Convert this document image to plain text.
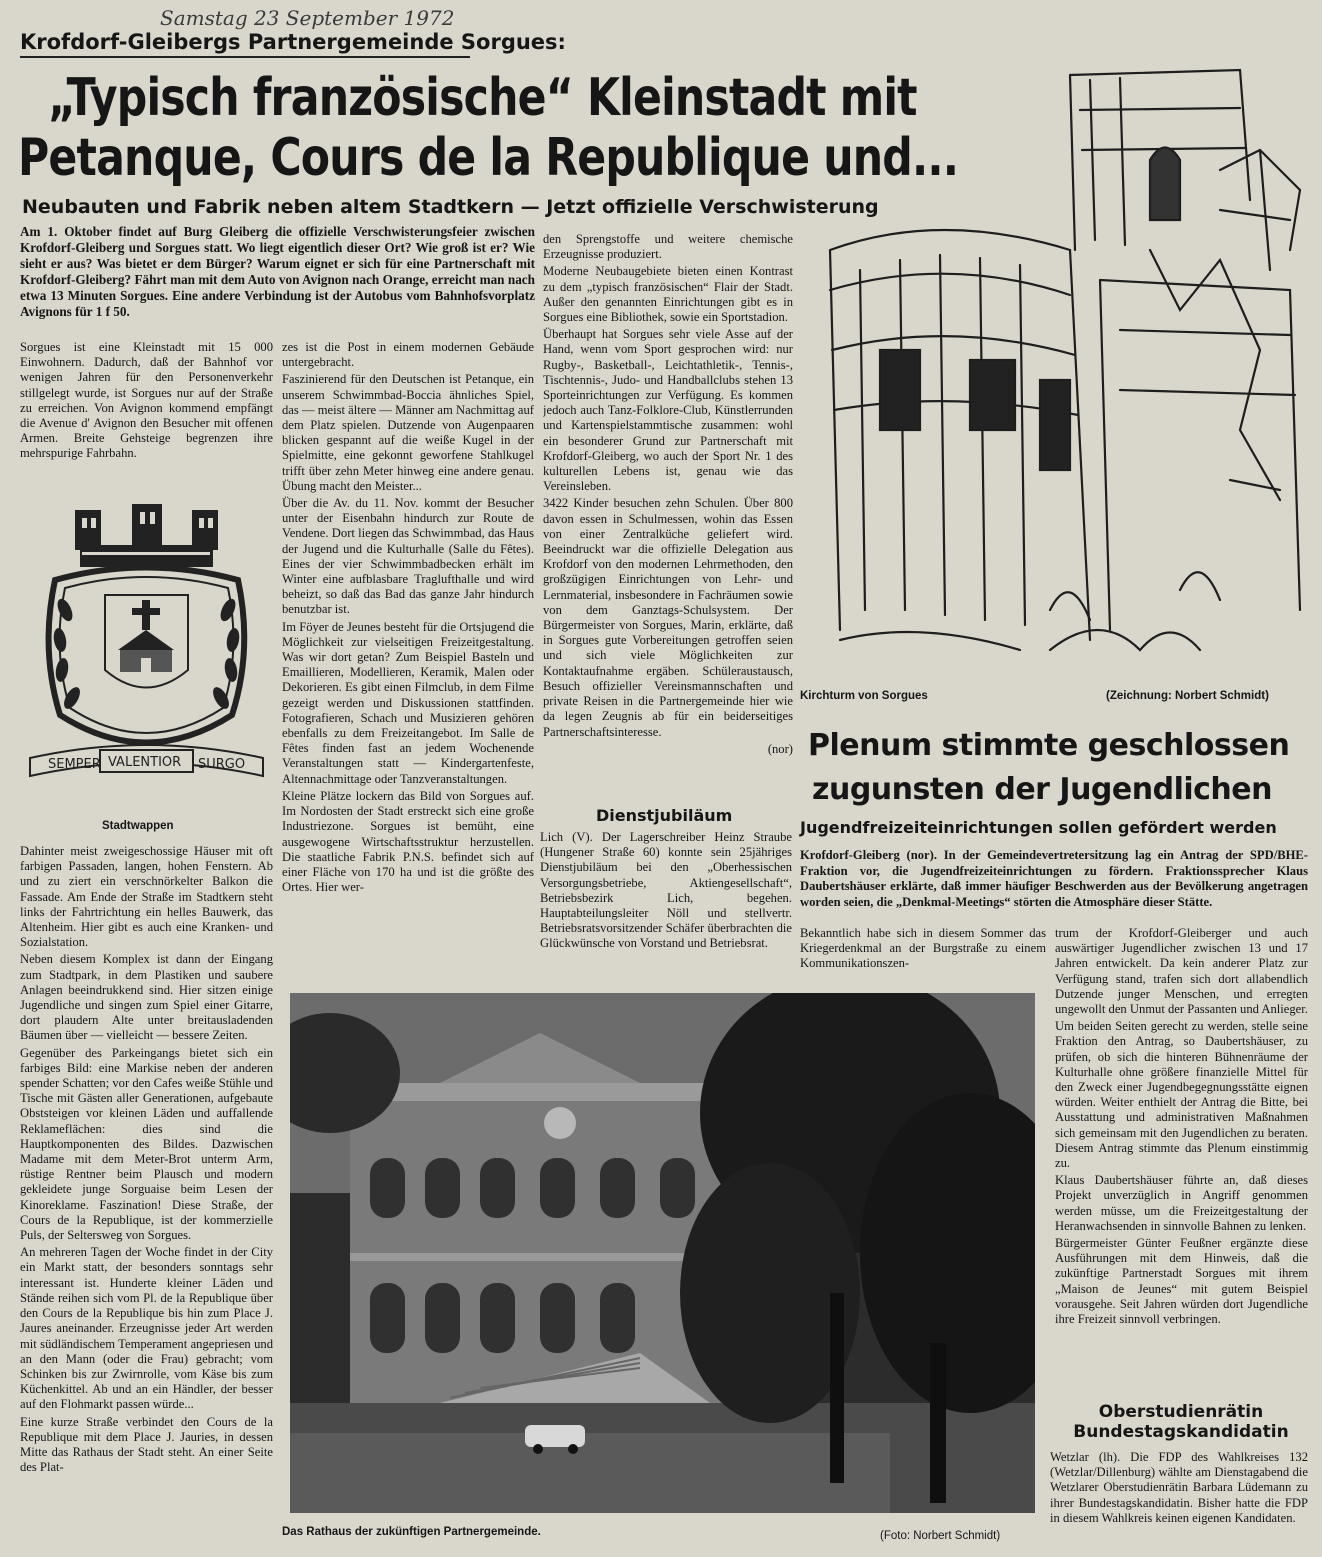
Samstag 23 September 1972
Krofdorf-Gleibergs Partnergemeinde Sorgues:
„Typisch französische“ Kleinstadt mit
Petanque, Cours de la Republique und...
Neubauten und Fabrik neben altem Stadtkern — Jetzt offizielle Verschwisterung
Am 1. Oktober findet auf Burg Gleiberg die offizielle Verschwisterungsfeier zwischen Krofdorf-Gleiberg und Sorgues statt. Wo liegt eigentlich dieser Ort? Wie groß ist er? Wie sieht er aus? Was bietet er dem Bürger? Warum eignet er sich für eine Partnerschaft mit Krofdorf-Gleiberg? Fährt man mit dem Auto von Avignon nach Orange, erreicht man nach etwa 13 Minuten Sorgues. Eine andere Verbindung ist der Autobus vom Bahnhofsvorplatz Avignons für 1 f 50.

Sorgues ist eine Kleinstadt mit 15 000 Einwohnern. Dadurch, daß der Bahnhof vor wenigen Jahren für den Personenverkehr stillgelegt wurde, ist Sorgues nur auf der Straße zu erreichen. Von Avignon kommend empfängt die Avenue d' Avignon den Besucher mit offenen Armen. Breite Gehsteige begrenzen ihre mehrspurige Fahrbahn.

SEMPER VALENTIOR SURGO
Stadtwappen

Dahinter meist zweigeschossige Häuser mit oft farbigen Passaden, langen, hohen Fenstern. Ab und zu ziert ein verschnörkelter Balkon die Fassade. Am Ende der Straße im Stadtkern steht links der Fahrtrichtung ein helles Bauwerk, das Altenheim. Hier gibt es auch eine Kranken- und Sozialstation.

Neben diesem Komplex ist dann der Eingang zum Stadtpark, in dem Plastiken und saubere Anlagen beeindrukkend sind. Hier sitzen einige Jugendliche und singen zum Spiel einer Gitarre, dort plaudern Alte unter breitausladenden Bäumen über — vielleicht — bessere Zeiten.

Gegenüber des Parkeingangs bietet sich ein farbiges Bild: eine Markise neben der anderen spender Schatten; vor den Cafes weiße Stühle und Tische mit Gästen aller Generationen, aufgebaute Obststeigen vor kleinen Läden und auffallende Reklameflächen: dies sind die Hauptkomponenten des Bildes. Dazwischen Madame mit dem Meter-Brot unterm Arm, rüstige Rentner beim Plausch und modern gekleidete junge Sorguaise beim Lesen der Kinoreklame. Faszination! Diese Straße, der Cours de la Republique, ist der kommerzielle Puls, der Seltersweg von Sorgues.

An mehreren Tagen der Woche findet in der City ein Markt statt, der besonders sonntags sehr interessant ist. Hunderte kleiner Läden und Stände reihen sich vom Pl. de la Republique über den Cours de la Republique bis hin zum Place J. Jaures aneinander. Erzeugnisse jeder Art werden mit südländischem Temperament angepriesen und an den Mann (oder die Frau) gebracht; vom Schinken bis zur Zwirnrolle, vom Käse bis zum Küchenkittel. Ab und an ein Händler, der besser auf den Flohmarkt passen würde...

Eine kurze Straße verbindet den Cours de la Republique mit dem Place J. Jauries, in dessen Mitte das Rathaus der Stadt steht. An einer Seite des Plat-

zes ist die Post in einem modernen Gebäude untergebracht.

Faszinierend für den Deutschen ist Petanque, ein unserem Schwimmbad-Boccia ähnliches Spiel, das — meist ältere — Männer am Nachmittag auf dem Platz spielen. Dutzende von Augenpaaren blicken gespannt auf die weiße Kugel in der Spielmitte, eine gekonnt geworfene Stahlkugel trifft über zehn Meter hinweg eine andere genau. Übung macht den Meister...

Über die Av. du 11. Nov. kommt der Besucher unter der Eisenbahn hindurch zur Route de Vendene. Dort liegen das Schwimmbad, das Haus der Jugend und die Kulturhalle (Salle du Fêtes). Eines der vier Schwimmbadbecken erhält im Winter eine aufblasbare Traglufthalle und wird beheizt, so daß das Bad das ganze Jahr hindurch benutzbar ist.

Im Föyer de Jeunes besteht für die Ortsjugend die Möglichkeit zur vielseitigen Freizeitgestaltung. Was wir dort getan? Zum Beispiel Basteln und Emaillieren, Modellieren, Keramik, Malen oder Dekorieren. Es gibt einen Filmclub, in dem Filme gezeigt werden und Diskussionen stattfinden. Fotografieren, Schach und Musizieren gehören ebenfalls zu dem Freizeitangebot. Im Salle de Fêtes finden fast an jedem Wochenende Veranstaltungen statt — Kindergartenfeste, Altennachmittage oder Tanzveranstaltungen.

Kleine Plätze lockern das Bild von Sorgues auf. Im Nordosten der Stadt erstreckt sich eine große Industriezone. Sorgues ist bemüht, eine ausgewogene Wirtschaftsstruktur herzustellen. Die staatliche Fabrik P.N.S. befindet sich auf einer Fläche von 170 ha und ist die größte des Ortes. Hier wer-

den Sprengstoffe und weitere chemische Erzeugnisse produziert.

Moderne Neubaugebiete bieten einen Kontrast zu dem „typisch französischen“ Flair der Stadt. Außer den genannten Einrichtungen gibt es in Sorgues eine Bibliothek, sowie ein Sportstadion.

Überhaupt hat Sorgues sehr viele Asse auf der Hand, wenn vom Sport gesprochen wird: nur Rugby-, Basketball-, Leichtathletik-, Tennis-, Tischtennis-, Judo- und Handballclubs stehen 13 Sporteinrichtungen zur Verfügung. Es kommen jedoch auch Tanz-Folklore-Club, Künstlerrunden und Kartenspielstammtische zusammen: wohl ein besonderer Grund zur Partnerschaft mit Krofdorf-Gleiberg, wo auch der Sport Nr. 1 des kulturellen Lebens ist, genau wie das Vereinsleben.

3422 Kinder besuchen zehn Schulen. Über 800 davon essen in Schulmessen, wohin das Essen von einer Zentralküche geliefert wird. Beeindruckt war die offizielle Delegation aus Krofdorf von den modernen Lehrmethoden, den großzügigen Einrichtungen von Lehr- und Lernmaterial, insbesondere in Fachräumen sowie von dem Ganztags-Schulsystem. Der Bürgermeister von Sorgues, Marin, erklärte, daß in Sorgues gute Vorbereitungen getroffen seien und sich viele Möglichkeiten zur Kontaktaufnahme ergäben. Schüleraustausch, Besuch offizieller Vereinsmannschaften und private Reisen in die Partnergemeinde hier wie da legen Zeugnis ab für ein beiderseitiges Partnerschaftsinteresse.

(nor)

Dienstjubiläum

Lich (V). Der Lagerschreiber Heinz Straube (Hungener Straße 60) konnte sein 25jähriges Dienstjubiläum bei den „Oberhessischen Versorgungsbetriebe, Aktiengesellschaft“, Betriebsbezirk Lich, begehen. Hauptabteilungsleiter Nöll und stellvertr. Betriebsratsvorsitzender Schäfer überbrachten die Glückwünsche von Vorstand und Betriebsrat.

Kirchturm von Sorgues	(Zeichnung: Norbert Schmidt)
Plenum stimmte geschlossen
zugunsten der Jugendlichen
Jugendfreizeiteinrichtungen sollen gefördert werden
Krofdorf-Gleiberg (nor). In der Gemeindevertretersitzung lag ein Antrag der SPD/BHE-Fraktion vor, die Jugendfreizeiteinrichtungen zu fördern. Fraktionssprecher Klaus Daubertshäuser erklärte, daß immer häufiger Beschwerden aus der Bevölkerung angetragen worden seien, die „Denkmal-Meetings“ störten die Atmosphäre dieser Stätte.

Bekanntlich habe sich in diesem Sommer das Kriegerdenkmal an der Burgstraße zu einem Kommunikationszen-

trum der Krofdorf-Gleiberger und auch auswärtiger Jugendlicher zwischen 13 und 17 Jahren entwickelt. Da kein anderer Platz zur Verfügung stand, trafen sich dort allabendlich Dutzende junger Menschen, und erregten ungewollt den Unmut der Passanten und Anlieger.

Um beiden Seiten gerecht zu werden, stelle seine Fraktion den Antrag, so Daubertshäuser, zu prüfen, ob sich die hinteren Bühnenräume der Kulturhalle ohne größere finanzielle Mittel für den Zweck einer Jugendbegegnungsstätte eignen würden. Weiter enthielt der Antrag die Bitte, bei Ausstattung und administrativen Maßnahmen sich gemeinsam mit den Jugendlichen zu beraten. Diesem Antrag stimmte das Plenum einstimmig zu.

Klaus Daubertshäuser führte an, daß dieses Projekt unverzüglich in Angriff genommen werden müsse, um die Freizeitgestaltung der Heranwachsenden in sinnvolle Bahnen zu lenken.

Bürgermeister Günter Feußner ergänzte diese Ausführungen mit dem Hinweis, daß die zukünftige Partnerstadt Sorgues mit ihrem „Maison de Jeunes“ mit gutem Beispiel vorausgehe. Seit Jahren würden dort Jugendliche ihre Freizeit sinnvoll verbringen.

Das Rathaus der zukünftigen Partnergemeinde.	(Foto: Norbert Schmidt)
Oberstudienrätin
Bundestagskandidatin

Wetzlar (lh). Die FDP des Wahlkreises 132 (Wetzlar/Dillenburg) wählte am Dienstagabend die Wetzlarer Oberstudienrätin Barbara Lüdemann zu ihrer Bundestagskandidatin. Bisher hatte die FDP in diesem Wahlkreis keinen eigenen Kandidaten.
